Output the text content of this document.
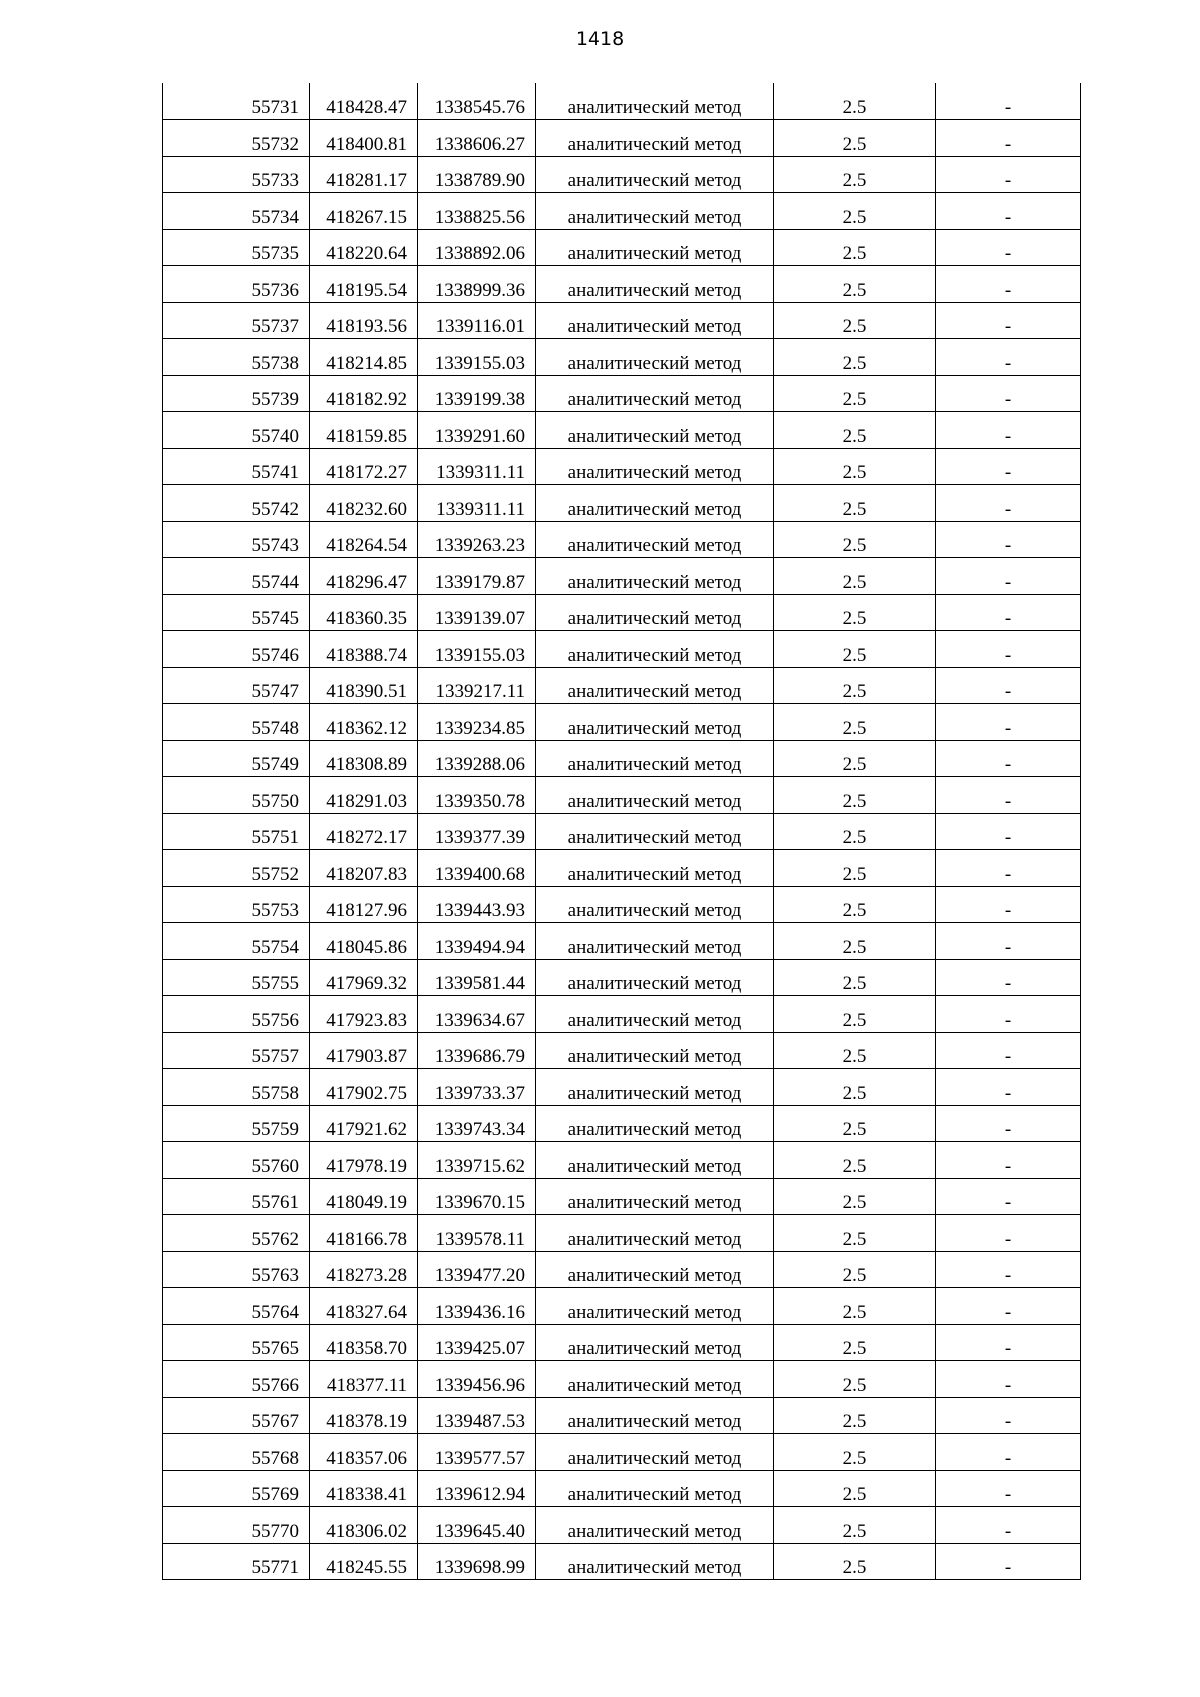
1418
55731	418428.47	1338545.76	аналитический метод	2.5	-
55732	418400.81	1338606.27	аналитический метод	2.5	-
55733	418281.17	1338789.90	аналитический метод	2.5	-
55734	418267.15	1338825.56	аналитический метод	2.5	-
55735	418220.64	1338892.06	аналитический метод	2.5	-
55736	418195.54	1338999.36	аналитический метод	2.5	-
55737	418193.56	1339116.01	аналитический метод	2.5	-
55738	418214.85	1339155.03	аналитический метод	2.5	-
55739	418182.92	1339199.38	аналитический метод	2.5	-
55740	418159.85	1339291.60	аналитический метод	2.5	-
55741	418172.27	1339311.11	аналитический метод	2.5	-
55742	418232.60	1339311.11	аналитический метод	2.5	-
55743	418264.54	1339263.23	аналитический метод	2.5	-
55744	418296.47	1339179.87	аналитический метод	2.5	-
55745	418360.35	1339139.07	аналитический метод	2.5	-
55746	418388.74	1339155.03	аналитический метод	2.5	-
55747	418390.51	1339217.11	аналитический метод	2.5	-
55748	418362.12	1339234.85	аналитический метод	2.5	-
55749	418308.89	1339288.06	аналитический метод	2.5	-
55750	418291.03	1339350.78	аналитический метод	2.5	-
55751	418272.17	1339377.39	аналитический метод	2.5	-
55752	418207.83	1339400.68	аналитический метод	2.5	-
55753	418127.96	1339443.93	аналитический метод	2.5	-
55754	418045.86	1339494.94	аналитический метод	2.5	-
55755	417969.32	1339581.44	аналитический метод	2.5	-
55756	417923.83	1339634.67	аналитический метод	2.5	-
55757	417903.87	1339686.79	аналитический метод	2.5	-
55758	417902.75	1339733.37	аналитический метод	2.5	-
55759	417921.62	1339743.34	аналитический метод	2.5	-
55760	417978.19	1339715.62	аналитический метод	2.5	-
55761	418049.19	1339670.15	аналитический метод	2.5	-
55762	418166.78	1339578.11	аналитический метод	2.5	-
55763	418273.28	1339477.20	аналитический метод	2.5	-
55764	418327.64	1339436.16	аналитический метод	2.5	-
55765	418358.70	1339425.07	аналитический метод	2.5	-
55766	418377.11	1339456.96	аналитический метод	2.5	-
55767	418378.19	1339487.53	аналитический метод	2.5	-
55768	418357.06	1339577.57	аналитический метод	2.5	-
55769	418338.41	1339612.94	аналитический метод	2.5	-
55770	418306.02	1339645.40	аналитический метод	2.5	-
55771	418245.55	1339698.99	аналитический метод	2.5	-
